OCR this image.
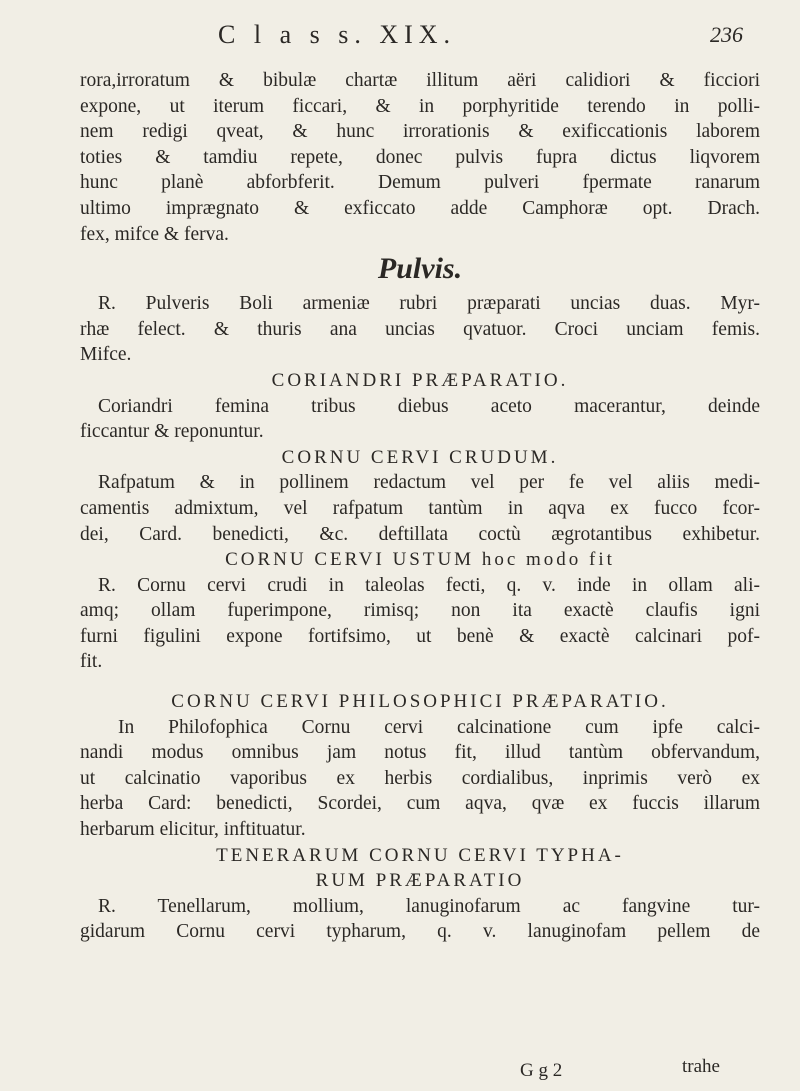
C l a s s. XIX.	236
rora,irroratum & bibulæ chartæ illitum aëri calidiori & ficciori
expone, ut iterum ficcari, & in porphyritide terendo in polli-
nem redigi qveat, & hunc irrorationis & exificcationis laborem
toties & tamdiu repete, donec pulvis fupra dictus liqvorem
hunc planè abforbferit. Demum pulveri fpermate ranarum
ultimo imprægnato & exficcato adde Camphoræ opt. Drach.
fex, mifce & ferva.
Pulvis.
R. Pulveris Boli armeniæ rubri præparati uncias duas. Myr-
rhæ felect. & thuris ana uncias qvatuor. Croci unciam femis.
Mifce.
CORIANDRI PRÆPARATIO.
Coriandri femina tribus diebus aceto macerantur, deinde
ficcantur & reponuntur.
CORNU CERVI CRUDUM.
Rafpatum & in pollinem redactum vel per fe vel aliis medi-
camentis admixtum, vel rafpatum tantùm in aqva ex fucco fcor-
dei, Card. benedicti, &c. deftillata coctù ægrotantibus exhibetur.
CORNU CERVI USTUM hoc modo fit
R. Cornu cervi crudi in taleolas fecti, q. v. inde in ollam ali-
amq; ollam fuperimpone, rimisq; non ita exactè claufis igni
furni figulini expone fortifsimo, ut benè & exactè calcinari pof-
fit.
CORNU CERVI PHILOSOPHICI PRÆPARATIO.
In Philofophica Cornu cervi calcinatione cum ipfe calci-
nandi modus omnibus jam notus fit, illud tantùm obfervandum,
ut calcinatio vaporibus ex herbis cordialibus, inprimis verò ex
herba Card: benedicti, Scordei, cum aqva, qvæ ex fuccis illarum
herbarum elicitur, inftituatur.
TENERARUM CORNU CERVI TYPHA-
RUM PRÆPARATIO
R. Tenellarum, mollium, lanuginofarum ac fangvine tur-
gidarum Cornu cervi typharum, q. v. lanuginofam pellem de
G g 2	trahe
